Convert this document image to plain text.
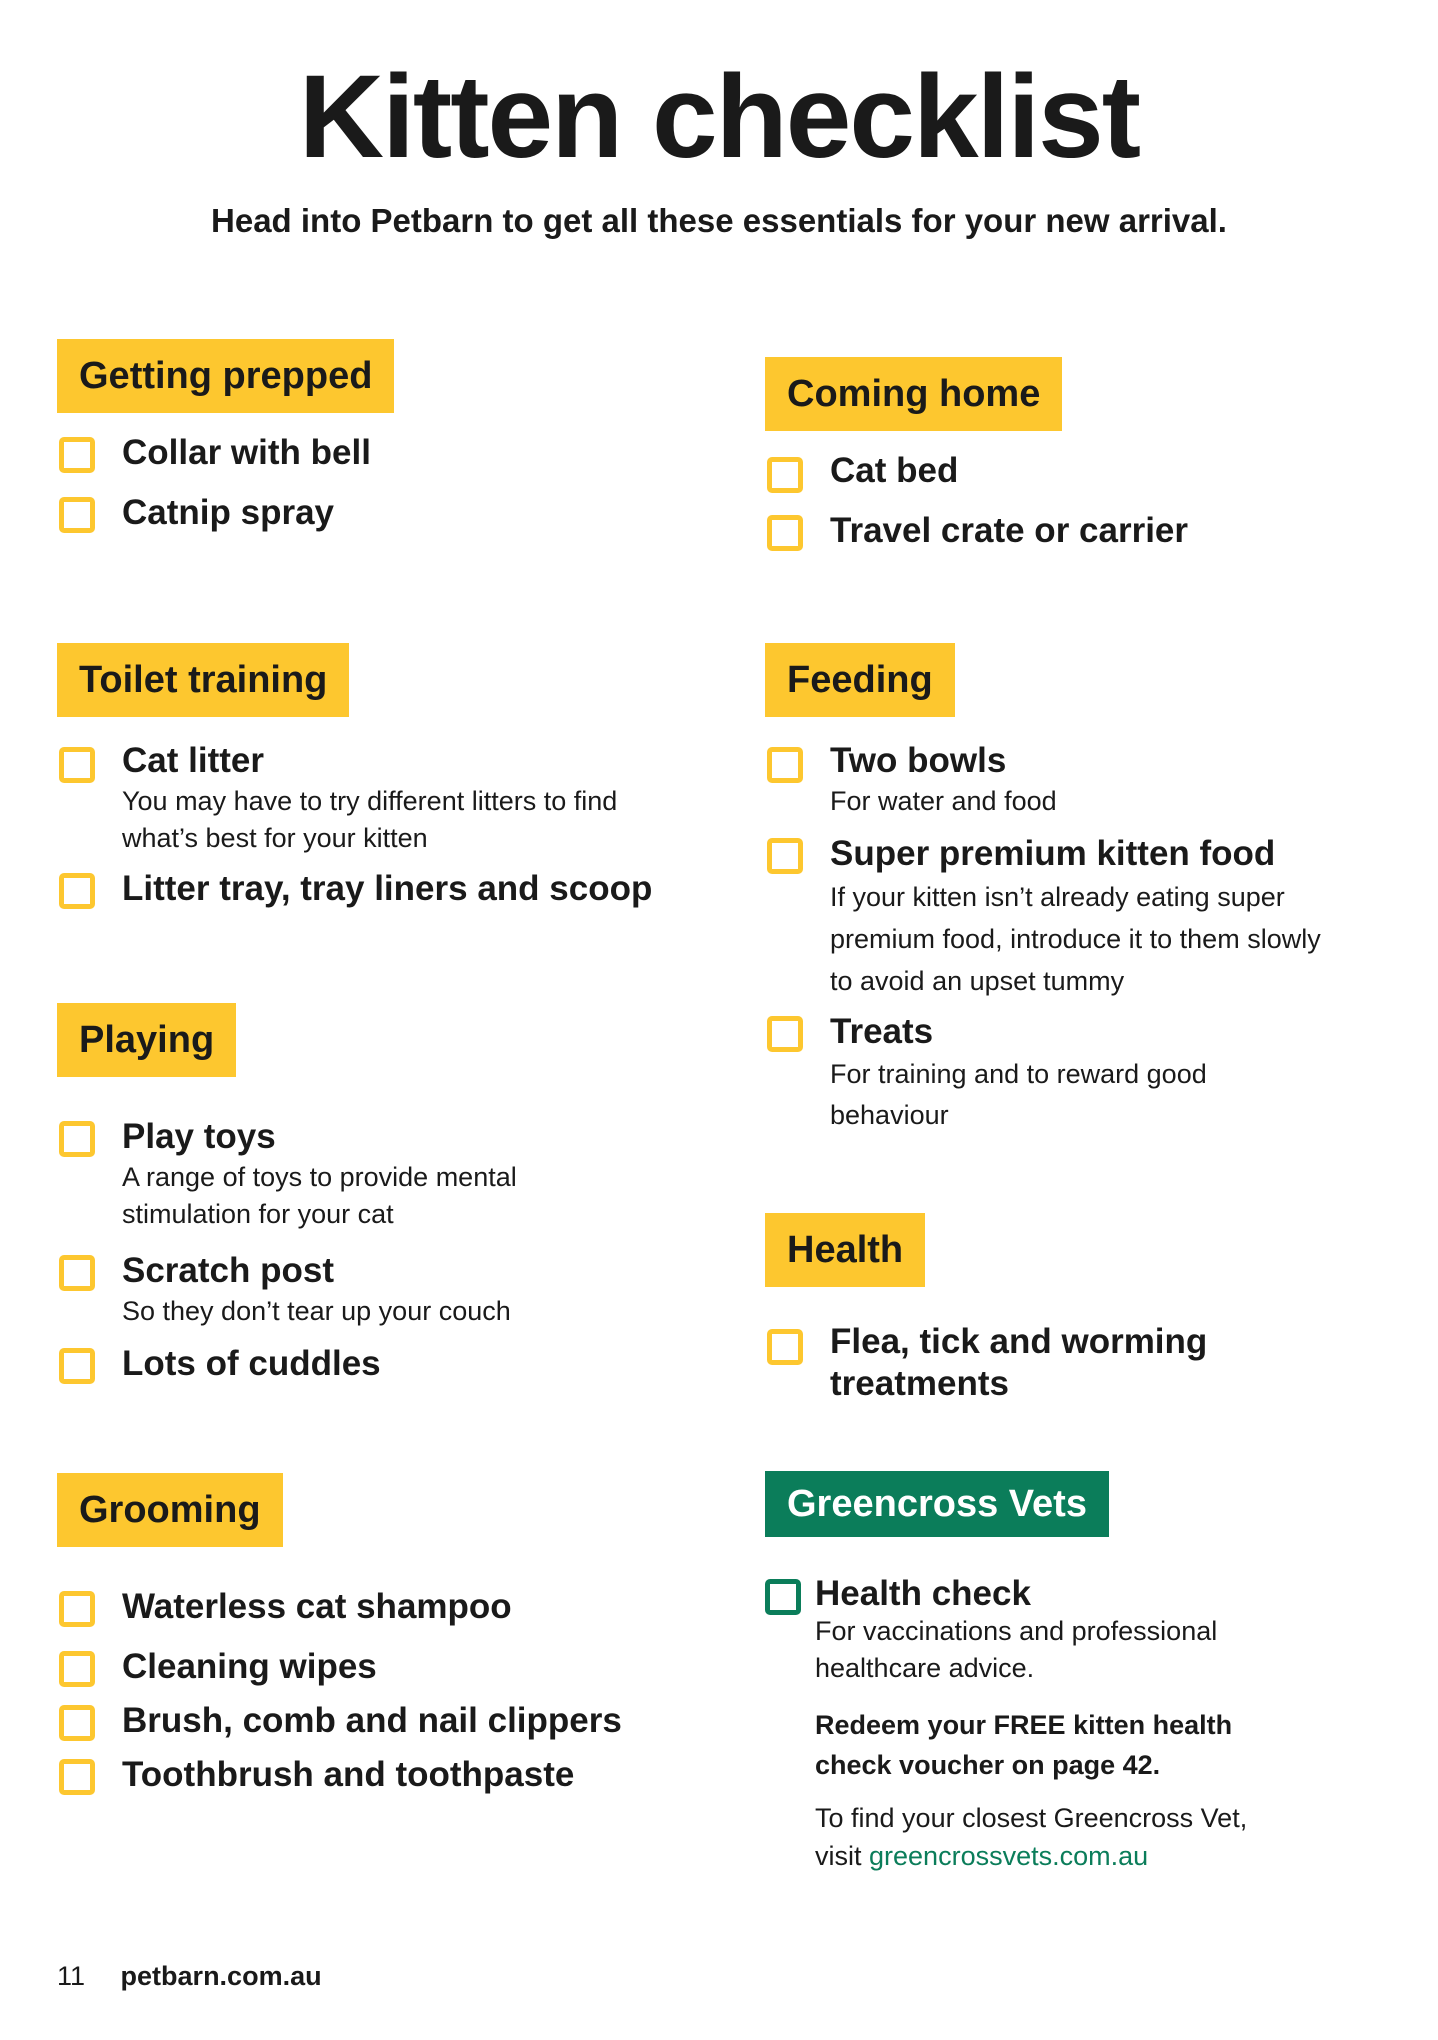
Kitten checklist
Head into Petbarn to get all these essentials for your new arrival.
Getting prepped
Collar with bell
Catnip spray
Toilet training
Cat litter
You may have to try different litters to find what’s best for your kitten
Litter tray, tray liners and scoop
Playing
Play toys
A range of toys to provide mental stimulation for your cat
Scratch post
So they don’t tear up your couch
Lots of cuddles
Grooming
Waterless cat shampoo
Cleaning wipes
Brush, comb and nail clippers
Toothbrush and toothpaste
Coming home
Cat bed
Travel crate or carrier
Feeding
Two bowls
For water and food
Super premium kitten food
If your kitten isn’t already eating super premium food, introduce it to them slowly to avoid an upset tummy
Treats
For training and to reward good behaviour
Health
Flea, tick and worming treatments
Greencross Vets
Health check
For vaccinations and professional healthcare advice.
Redeem your FREE kitten health check voucher on page 42.
To find your closest Greencross Vet, visit greencrossvets.com.au
11 petbarn.com.au
